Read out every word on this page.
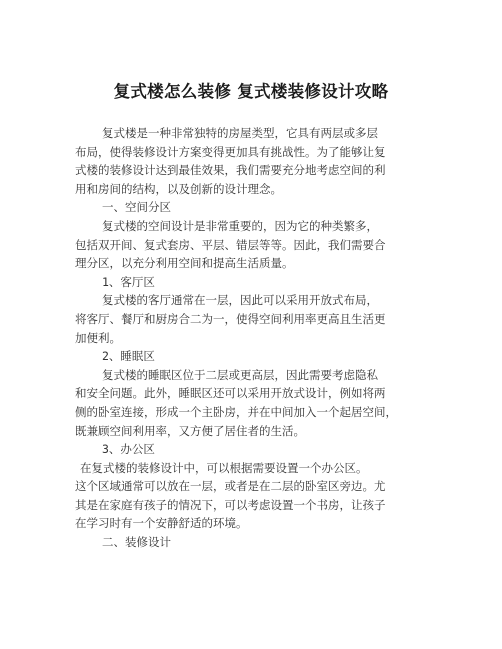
复式楼怎么装修 复式楼装修设计攻略

复式楼是一种非常独特的房屋类型，它具有两层或多层

布局，使得装修设计方案变得更加具有挑战性。为了能够让复

式楼的装修设计达到最佳效果，我们需要充分地考虑空间的利

用和房间的结构，以及创新的设计理念。

一、空间分区

复式楼的空间设计是非常重要的，因为它的种类繁多，

包括双开间、复式套房、平层、错层等等。因此，我们需要合

理分区，以充分利用空间和提高生活质量。

1、客厅区

复式楼的客厅通常在一层，因此可以采用开放式布局，

将客厅、餐厅和厨房合二为一，使得空间利用率更高且生活更

加便利。

2、睡眠区

复式楼的睡眠区位于二层或更高层，因此需要考虑隐私

和安全问题。此外，睡眠区还可以采用开放式设计，例如将两

侧的卧室连接，形成一个主卧房，并在中间加入一个起居空间，

既兼顾空间利用率，又方便了居住者的生活。

3、办公区

在复式楼的装修设计中，可以根据需要设置一个办公区。

这个区域通常可以放在一层，或者是在二层的卧室区旁边。尤

其是在家庭有孩子的情况下，可以考虑设置一个书房，让孩子

在学习时有一个安静舒适的环境。

二、装修设计
